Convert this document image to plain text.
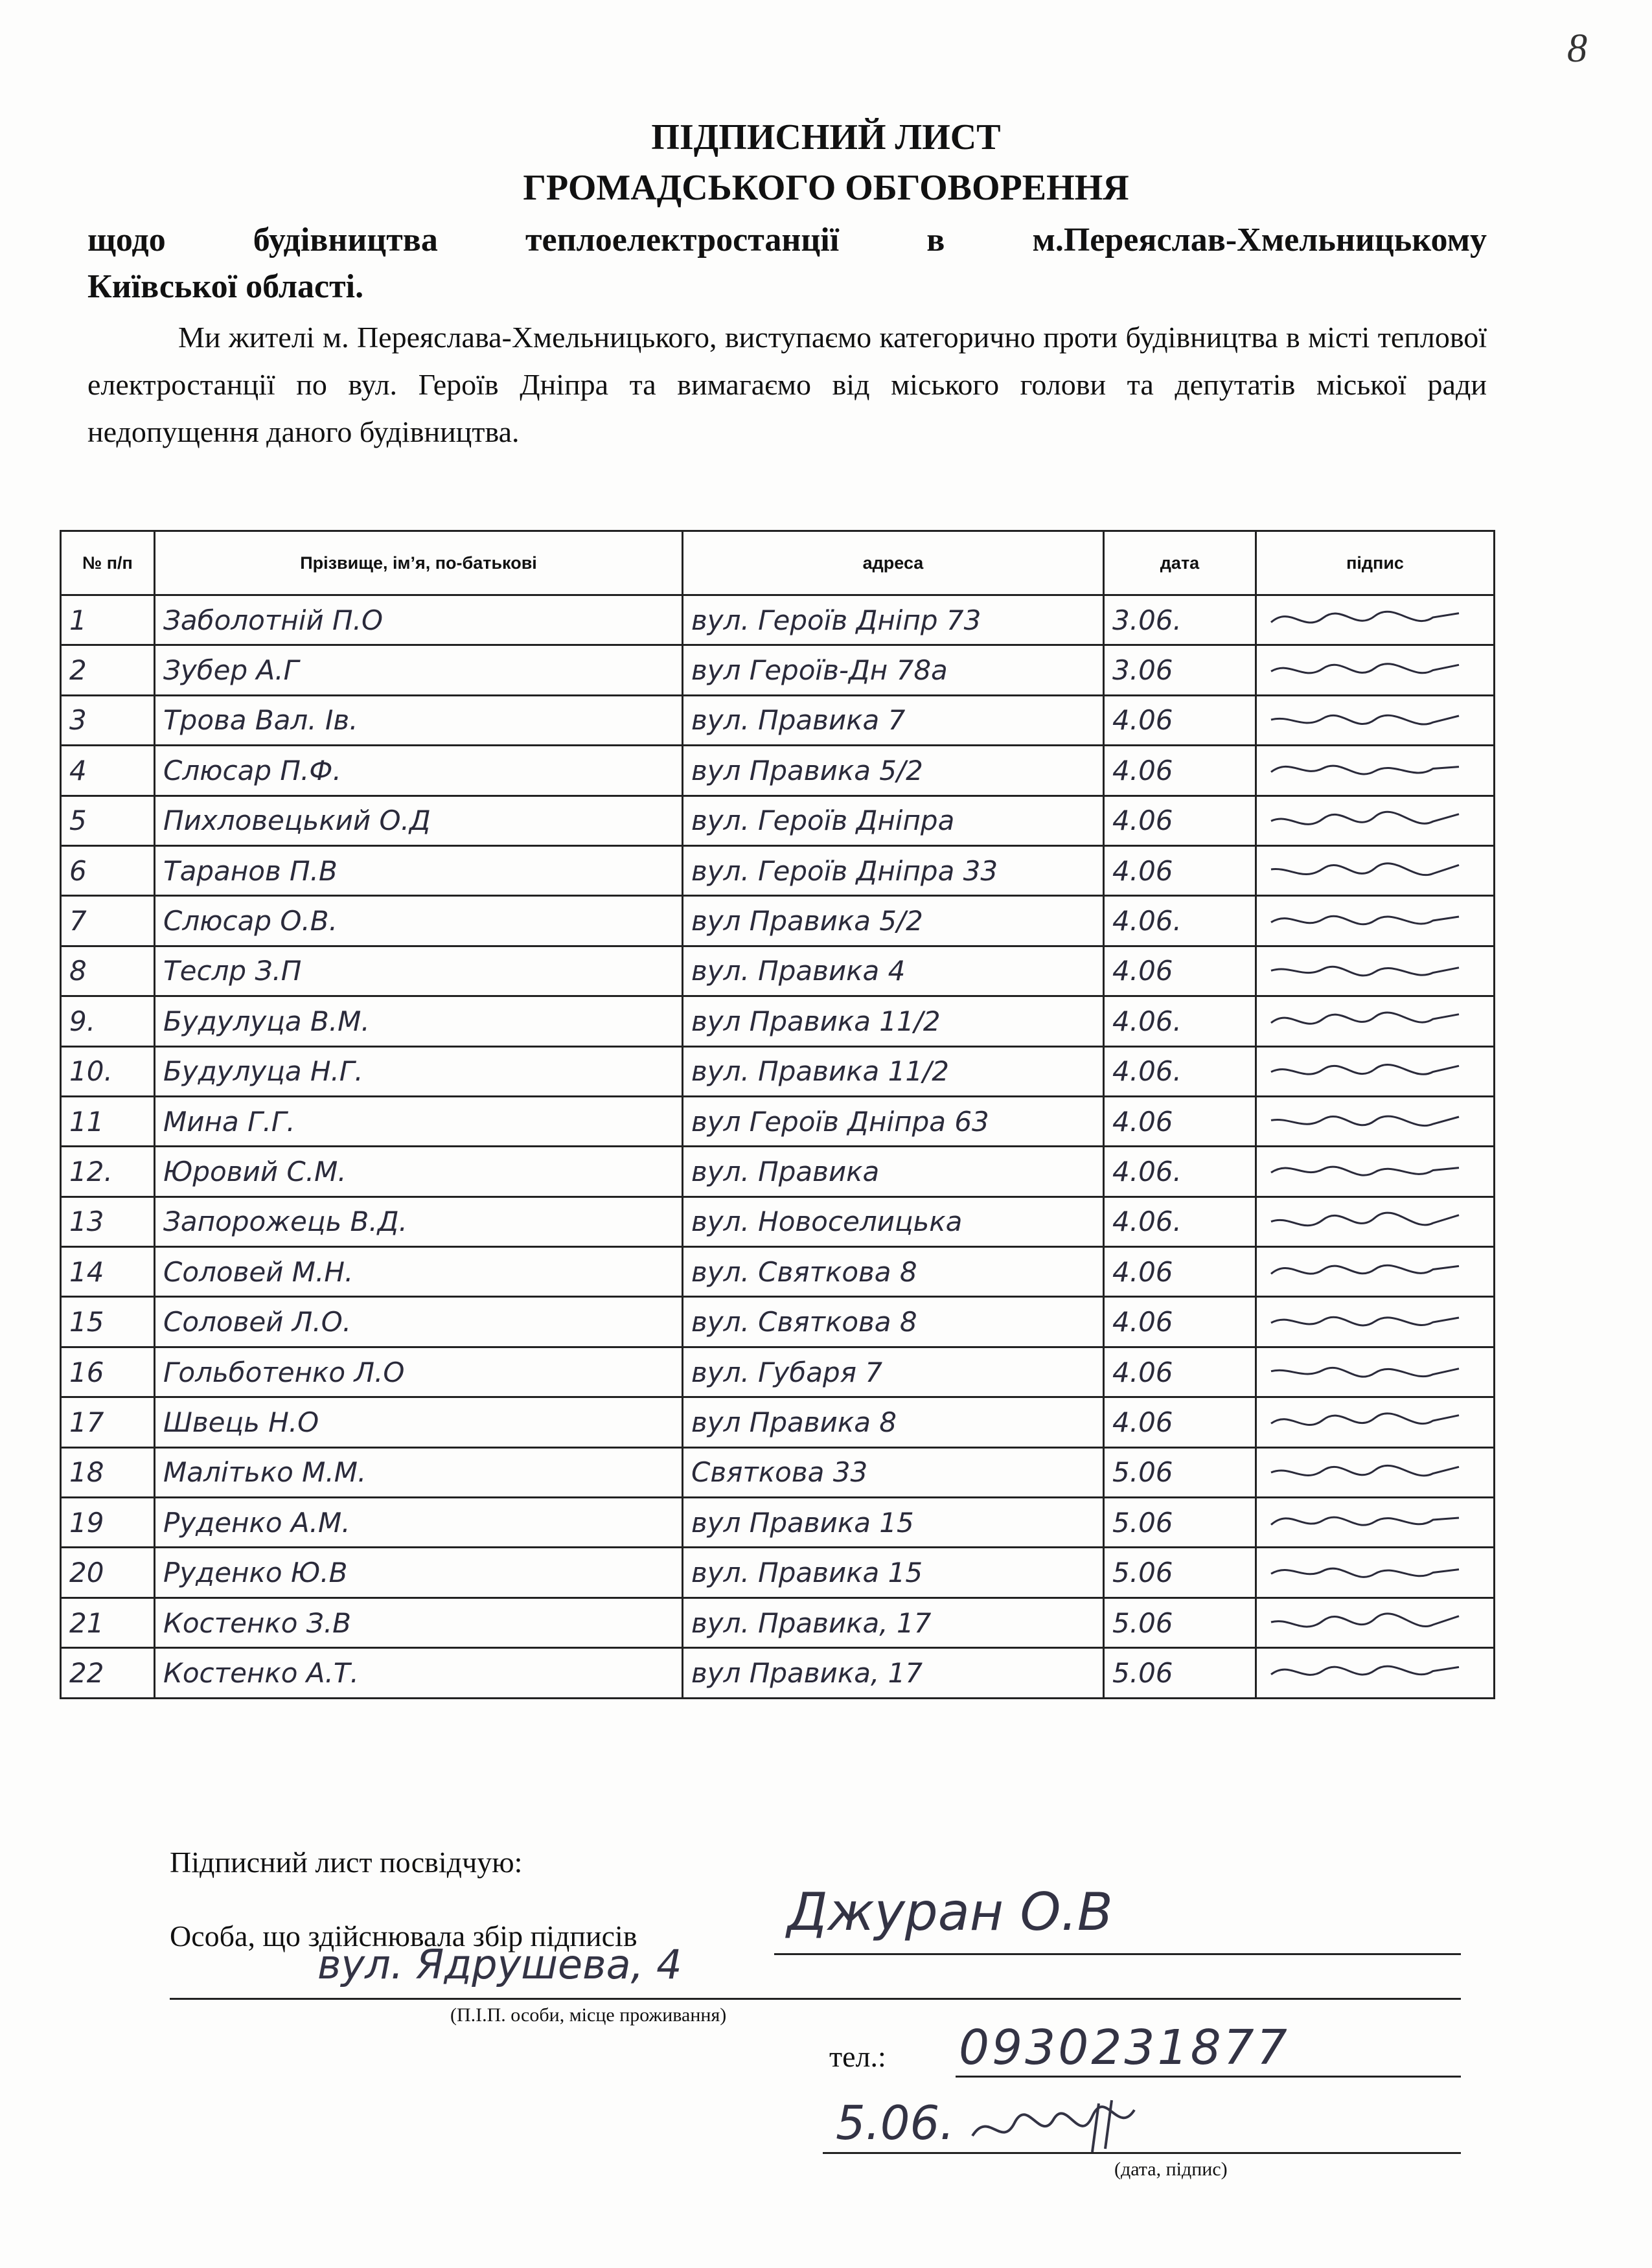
8
ПІДПИСНИЙ ЛИСТ
ГРОМАДСЬКОГО ОБГОВОРЕННЯ
щодо будівництва теплоелектростанції в м.Переяслав-Хмельницькому
Київської області.
Ми жителі м. Переяслава-Хмельницького, виступаємо категорично проти будівництва в місті теплової електростанції по вул. Героїв Дніпра та вимагаємо від міського голови та депутатів міської ради недопущення даного будівництва.
№ п/п	Прізвище, ім’я, по-батькові	адреса	дата	підпис
1	Заболотній П.О	вул. Героїв Дніпр 73	3.06.	

2	Зубер А.Г	вул Героїв-Дн 78а	3.06	

3	Трова Вал. Ів.	вул. Правика 7	4.06	

4	Слюсар П.Ф.	вул Правика 5/2	4.06	

5	Пихловецький О.Д	вул. Героїв Дніпра	4.06	

6	Таранов П.В	вул. Героїв Дніпра 33	4.06	

7	Слюсар О.В.	вул Правика 5/2	4.06.	

8	Теслр З.П	вул. Правика 4	4.06	

9.	Будулуца В.М.	вул Правика 11/2	4.06.	

10.	Будулуца Н.Г.	вул. Правика 11/2	4.06.	

11	Мина Г.Г.	вул Героїв Дніпра 63	4.06	

12.	Юровий С.М.	вул. Правика	4.06.	

13	Запорожець В.Д.	вул. Новоселицька	4.06.	

14	Соловей М.Н.	вул. Святкова 8	4.06	

15	Соловей Л.О.	вул. Святкова 8	4.06	

16	Гольботенко Л.О	вул. Губаря 7	4.06	

17	Швець Н.О	вул Правика 8	4.06	

18	Малітько М.М.	Святкова 33	5.06	

19	Руденко А.М.	вул Правика 15	5.06	

20	Руденко Ю.В	вул. Правика 15	5.06	

21	Костенко З.В	вул. Правика, 17	5.06	

22	Костенко А.Т.	вул Правика, 17	5.06	
Підписний лист посвідчую:
Особа, що здійснювала збір підписів	Джуран О.В
вул. Ядрушева, 4
(П.І.П. особи, місце проживання)
тел.: 0930231877
5.06.
(дата, підпис)
